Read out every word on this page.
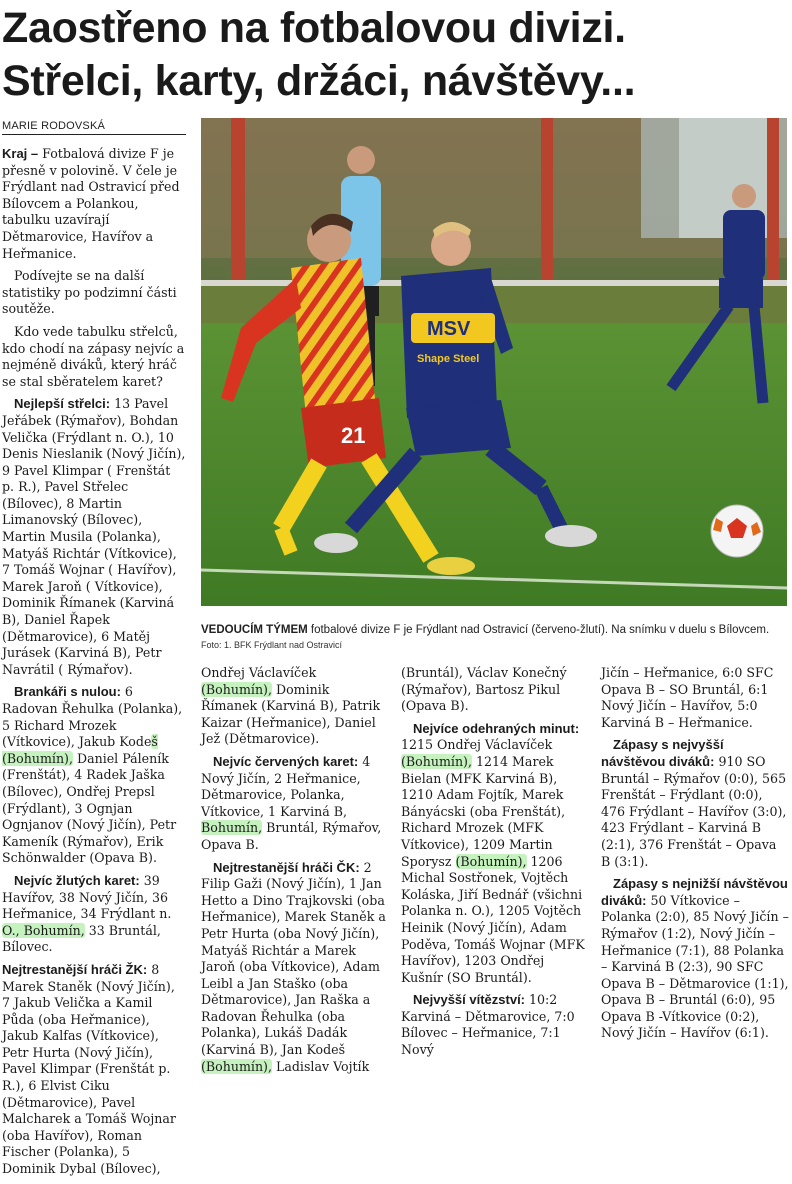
Zaostřeno na fotbalovou divizi.
Střelci, karty, držáci, návštěvy...
MARIE RODOVSKÁ

Kraj – Fotbalová divize F je přesně v polovině. V čele je Frýdlant nad Ostravicí před Bílovcem a Polankou, tabulku uzavírají Dětmarovice, Havířov a Heřmanice.

Podívejte se na další statistiky po podzimní části soutěže.

Kdo vede tabulku střelců, kdo chodí na zápasy nejvíc a nejméně diváků, který hráč se stal sběratelem karet?

Nejlepší střelci: 13 Pavel Jeřábek (Rýmařov), Bohdan Velička (Frýdlant n. O.), 10 Denis Nieslanik (Nový Jičín), 9 Pavel Klimpar ( Frenštát p. R.), Pavel Střelec (Bílovec), 8 Martin Limanovský (Bílovec), Martin Musila (Polanka), Matyáš Richtár (Vítkovice), 7 Tomáš Wojnar ( Havířov), Marek Jaroň ( Vítkovice), Dominik Římanek (Karviná B), Daniel Řapek (Dětmarovice), 6 Matěj Jurásek (Karviná B), Petr Navrátil ( Rýmařov).

Brankáři s nulou: 6 Radovan Řehulka (Polanka), 5 Richard Mrozek (Vítkovice), Jakub Kodeš (Bohumín), Daniel Páleník (Frenštát), 4 Radek Jaška (Bílovec), Ondřej Prepsl (Frýdlant), 3 Ognjan Ognjanov (Nový Jičín), Petr Kameník (Rýmařov), Erik Schönwalder (Opava B).

Nejvíc žlutých karet: 39 Havířov, 38 Nový Jičín, 36 Heřmanice, 34 Frýdlant n. O., Bohumín, 33 Bruntál, Bílovec.

Nejtrestanější hráči ŽK: 8 Marek Staněk (Nový Jičín), 7 Jakub Velička a Kamil Půda (oba Heřmanice), Jakub Kalfas (Vítkovice), Petr Hurta (Nový Jičín), Pavel Klimpar (Frenštát p. R.), 6 Elvist Ciku (Dětmarovice), Pavel Malcharek a Tomáš Wojnar (oba Havířov), Roman Fischer (Polanka), 5 Dominik Dybal (Bílovec),

21
MSV
Shape Steel
VEDOUCÍM TÝMEM fotbalové divize F je Frýdlant nad Ostravicí (červeno-žlutí). Na snímku v duelu s Bílovcem.
Foto: 1. BFK Frýdlant nad Ostravicí

Ondřej Václavíček (Bohumín), Dominik Římanek (Karviná B), Patrik Kaizar (Heřmanice), Daniel Jež (Dětmarovice).

Nejvíc červených karet: 4 Nový Jičín, 2 Heřmanice, Dětmarovice, Polanka, Vítkovice, 1 Karviná B, Bohumín, Bruntál, Rýmařov, Opava B.

Nejtrestanější hráči ČK: 2 Filip Gaži (Nový Jičín), 1 Jan Hetto a Dino Trajkovski (oba Heřmanice), Marek Staněk a Petr Hurta (oba Nový Jičín), Matyáš Richtár a Marek Jaroň (oba Vítkovice), Adam Leibl a Jan Staško (oba Dětmarovice), Jan Raška a Radovan Řehulka (oba Polanka), Lukáš Dadák (Karviná B), Jan Kodeš (Bohumín), Ladislav Vojtík

(Bruntál), Václav Konečný (Rýmařov), Bartosz Pikul (Opava B).

Nejvíce odehraných minut: 1215 Ondřej Václavíček (Bohumín), 1214 Marek Bielan (MFK Karviná B), 1210 Adam Fojtík, Marek Bányácski (oba Frenštát), Richard Mrozek (MFK Vítkovice), 1209 Martin Sporysz (Bohumín), 1206 Michal Sostřonek, Vojtěch Koláska, Jiří Bednář (všichni Polanka n. O.), 1205 Vojtěch Heinik (Nový Jičín), Adam Poděva, Tomáš Wojnar (MFK Havířov), 1203 Ondřej Kušnír (SO Bruntál).

Nejvyšší vítězství: 10:2 Karviná – Dětmarovice, 7:0 Bílovec – Heřmanice, 7:1 Nový

Jičín – Heřmanice, 6:0 SFC Opava B – SO Bruntál, 6:1 Nový Jičín – Havířov, 5:0 Karviná B – Heřmanice.

Zápasy s nejvyšší návštěvou diváků: 910 SO Bruntál – Rýmařov (0:0), 565 Frenštát – Frýdlant (0:0), 476 Frýdlant – Havířov (3:0), 423 Frýdlant – Karviná B (2:1), 376 Frenštát – Opava B (3:1).

Zápasy s nejnižší návštěvou diváků: 50 Vítkovice – Polanka (2:0), 85 Nový Jičín – Rýmařov (1:2), Nový Jičín – Heřmanice (7:1), 88 Polanka – Karviná B (2:3), 90 SFC Opava B – Dětmarovice (1:1), Opava B – Bruntál (6:0), 95 Opava B -Vítkovice (0:2), Nový Jičín – Havířov (6:1).
